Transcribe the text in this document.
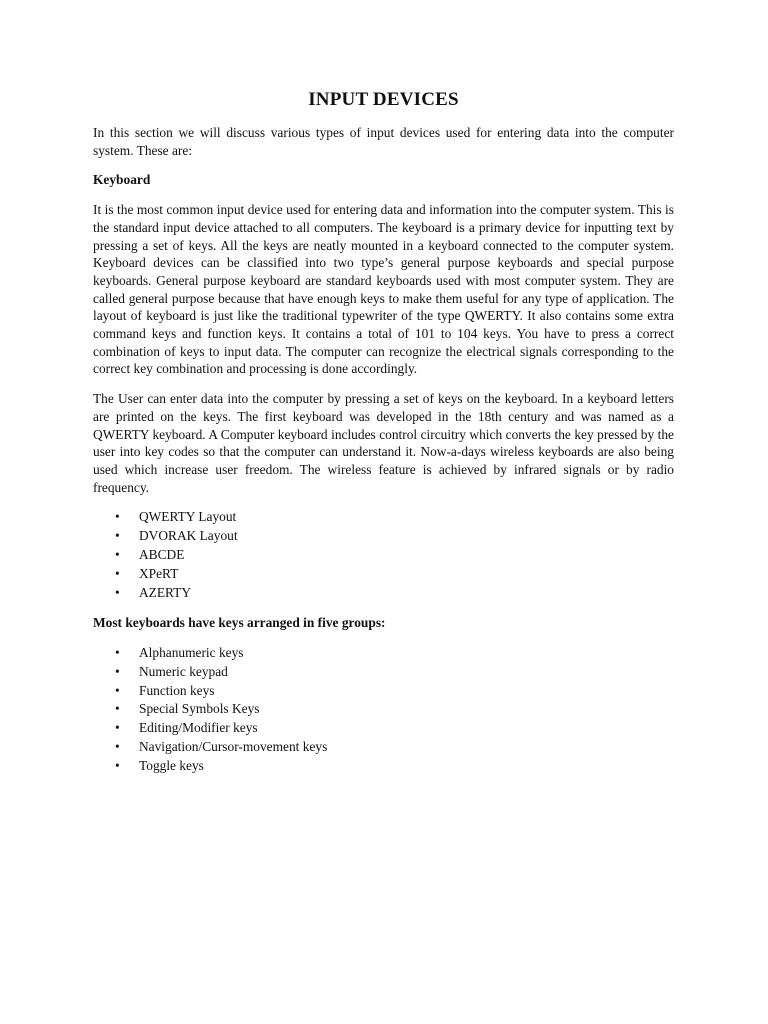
INPUT DEVICES

In this section we will discuss various types of input devices used for entering data into the computer system. These are:

Keyboard

It is the most common input device used for entering data and information into the computer system. This is the standard input device attached to all computers. The keyboard is a primary device for inputting text by pressing a set of keys. All the keys are neatly mounted in a keyboard connected to the computer system. Keyboard devices can be classified into two type’s general purpose keyboards and special purpose keyboards. General purpose keyboard are standard keyboards used with most computer system. They are called general purpose because that have enough keys to make them useful for any type of application. The layout of keyboard is just like the traditional typewriter of the type QWERTY. It also contains some extra command keys and function keys. It contains a total of 101 to 104 keys. You have to press a correct combination of keys to input data. The computer can recognize the electrical signals corresponding to the correct key combination and processing is done accordingly.

The User can enter data into the computer by pressing a set of keys on the keyboard. In a keyboard letters are printed on the keys. The first keyboard was developed in the 18th century and was named as a QWERTY keyboard. A Computer keyboard includes control circuitry which converts the key pressed by the user into key codes so that the computer can understand it. Now-a-days wireless keyboards are also being used which increase user freedom. The wireless feature is achieved by infrared signals or by radio frequency.

• QWERTY Layout
• DVORAK Layout
• ABCDE
• XPeRT
• AZERTY
Most keyboards have keys arranged in five groups:
• Alphanumeric keys
• Numeric keypad
• Function keys
• Special Symbols Keys
• Editing/Modifier keys
• Navigation/Cursor-movement keys
• Toggle keys
